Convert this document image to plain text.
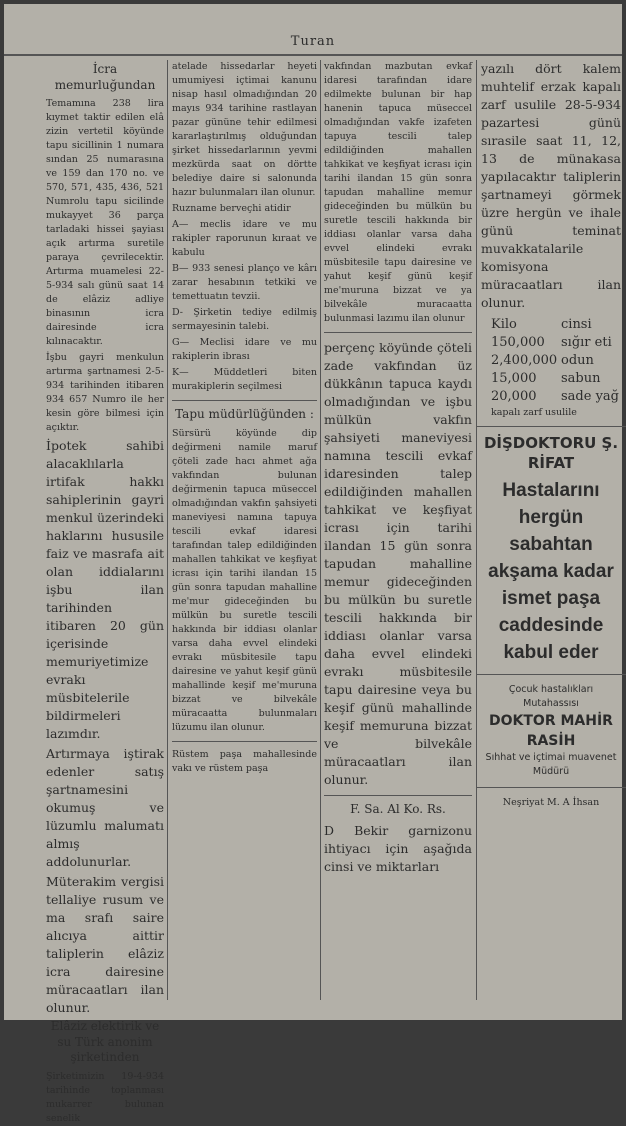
Turan
İcra memurluğundan

Temamına 238 lira kıymet taktir edilen elâ zizin vertetil köyünde tapu sicillinin 1 numara sından 25 numarasına ve 159 dan 170 no. ve 570, 571, 435, 436, 521 Numrolu tapu sicilinde mukayyet 36 parça tarladaki hissei şayiası açık artırma suretile paraya çevrilecektir. Artırma muamelesi 22-5-934 salı günü saat 14 de elâziz adliye binasının icra dairesinde icra kılınacaktır.

İşbu gayri menkulun artırma şartnamesi 2-5-934 tarihinden itibaren 934 657 Numro ile her kesin göre bilmesi için açıktır.

İpotek sahibi alacaklılarla irtifak hakkı sahiplerinin gayri menkul üzerindeki haklarını hususile faiz ve masrafa ait olan iddialarını işbu ilan tarihinden itibaren 20 gün içerisinde memuriyetimize evrakı müsbitelerile bildirmeleri lazımdır.

Artırmaya iştirak edenler satış şartnamesini okumuş ve lüzumlu malumatı almış addolunurlar.

Müterakim vergisi tellaliye rusum ve ma srafı saire alıcıya aittir taliplerin elâziz icra dairesine müracaatları ilan olunur.

Elâziz elektirik ve su Türk anonim şirketinden

Şirketimizin 19-4-934 tarihinde toplanması mukarrer bulunan senelik

atelade hissedarlar heyeti umumiyesi içtimai kanunu nisap hasıl olmadığından 20 mayıs 934 tarihine rastlayan pazar gününe tehir edilmesi kararlaştırılmış olduğundan şirket hissedarlarının yevmi mezkürda saat on dörtte belediye daire si salonunda hazır bulunmaları ilan olunur.

Ruzname berveçhi atidir

A— meclis idare ve mu rakipler raporunun kıraat ve kabulu

B— 933 senesi planço ve kârı zarar hesabının tetkiki ve temettuatın tevzii.

D- Şirketin tediye edilmiş sermayesinin talebi.

G— Meclisi idare ve mu rakiplerin ibrası

K— Müddetleri biten murakiplerin seçilmesi

Tapu müdürlüğünden :

Sürsürü köyünde dip değirmeni namile maruf çöteli zade hacı ahmet ağa vakfından bulunan değirmenin tapuca müseccel olmadığından vakfın şahsiyeti maneviyesi namına tapuya tescili evkaf idaresi tarafından talep edildiğinden mahallen tahkikat ve keşfiyat icrası için tarihi ilandan 15 gün sonra tapudan mahalline me'mur gideceğinden bu mülkün bu suretle tescili hakkında bir iddiası olanlar varsa daha evvel elindeki evrakı müsbitesile tapu dairesine ve yahut keşif günü mahallinde keşif me'muruna bizzat ve bilvekâle müracaatta bulunmaları lüzumu ilan olunur.

Rüstem paşa mahallesinde vakı ve rüstem paşa

vakfından mazbutan evkaf idaresi tarafından idare edilmekte bulunan bir hap hanenin tapuca müseccel olmadığından vakfe izafeten tapuya tescili talep edildiğinden mahallen tahkikat ve keşfiyat icrası için tarihi ilandan 15 gün sonra tapudan mahalline memur gideceğinden bu mülkün bu suretle tescili hakkında bir iddiası olanlar varsa daha evvel elindeki evrakı müsbitesile tapu dairesine ve yahut keşif günü keşif me'muruna bizzat ve ya bilvekâle muracaatta bulunmasi lazımu ilan olunur

perçenç köyünde çöteli zade vakfından üz dükkânın tapuca kaydı olmadığından ve işbu mülkün vakfın şahsiyeti maneviyesi namına tescili evkaf idaresinden talep edildiğinden mahallen tahkikat ve keşfiyat icrası için tarihi ilandan 15 gün sonra tapudan mahalline memur gideceğinden bu mülkün bu suretle tescili hakkında bir iddiası olanlar varsa daha evvel elindeki evrakı müsbitesile tapu dairesine veya bu keşif günü mahallinde keşif memuruna bizzat ve bilvekâle müracaatları ilan olunur.

F. Sa. Al Ko. Rs.

D Bekir garnizonu ihtiyacı için aşağıda cinsi ve miktarları

yazılı dört kalem muhtelif erzak kapalı zarf usulile 28-5-934 pazartesi günü sırasile saat 11, 12, 13 de münakasa yapılacaktır taliplerin şartnameyi görmek üzre hergün ve ihale günü teminat muvakkatalarile komisyona müracaatları ilan olunur.

Kilo	cinsi
150,000	sığır eti
2,400,000 odun
15,000	sabun
20,000	sade yağ

kapalı zarf usulile

DİŞDOKTORU Ş. RİFAT
Hastalarını hergün sabahtan akşama kadar ismet paşa caddesinde kabul eder
Çocuk hastalıkları Mutahassısı
DOKTOR MAHİR RASİH
Sıhhat ve içtimai muavenet Müdürü
Neşriyat M. A İhsan
